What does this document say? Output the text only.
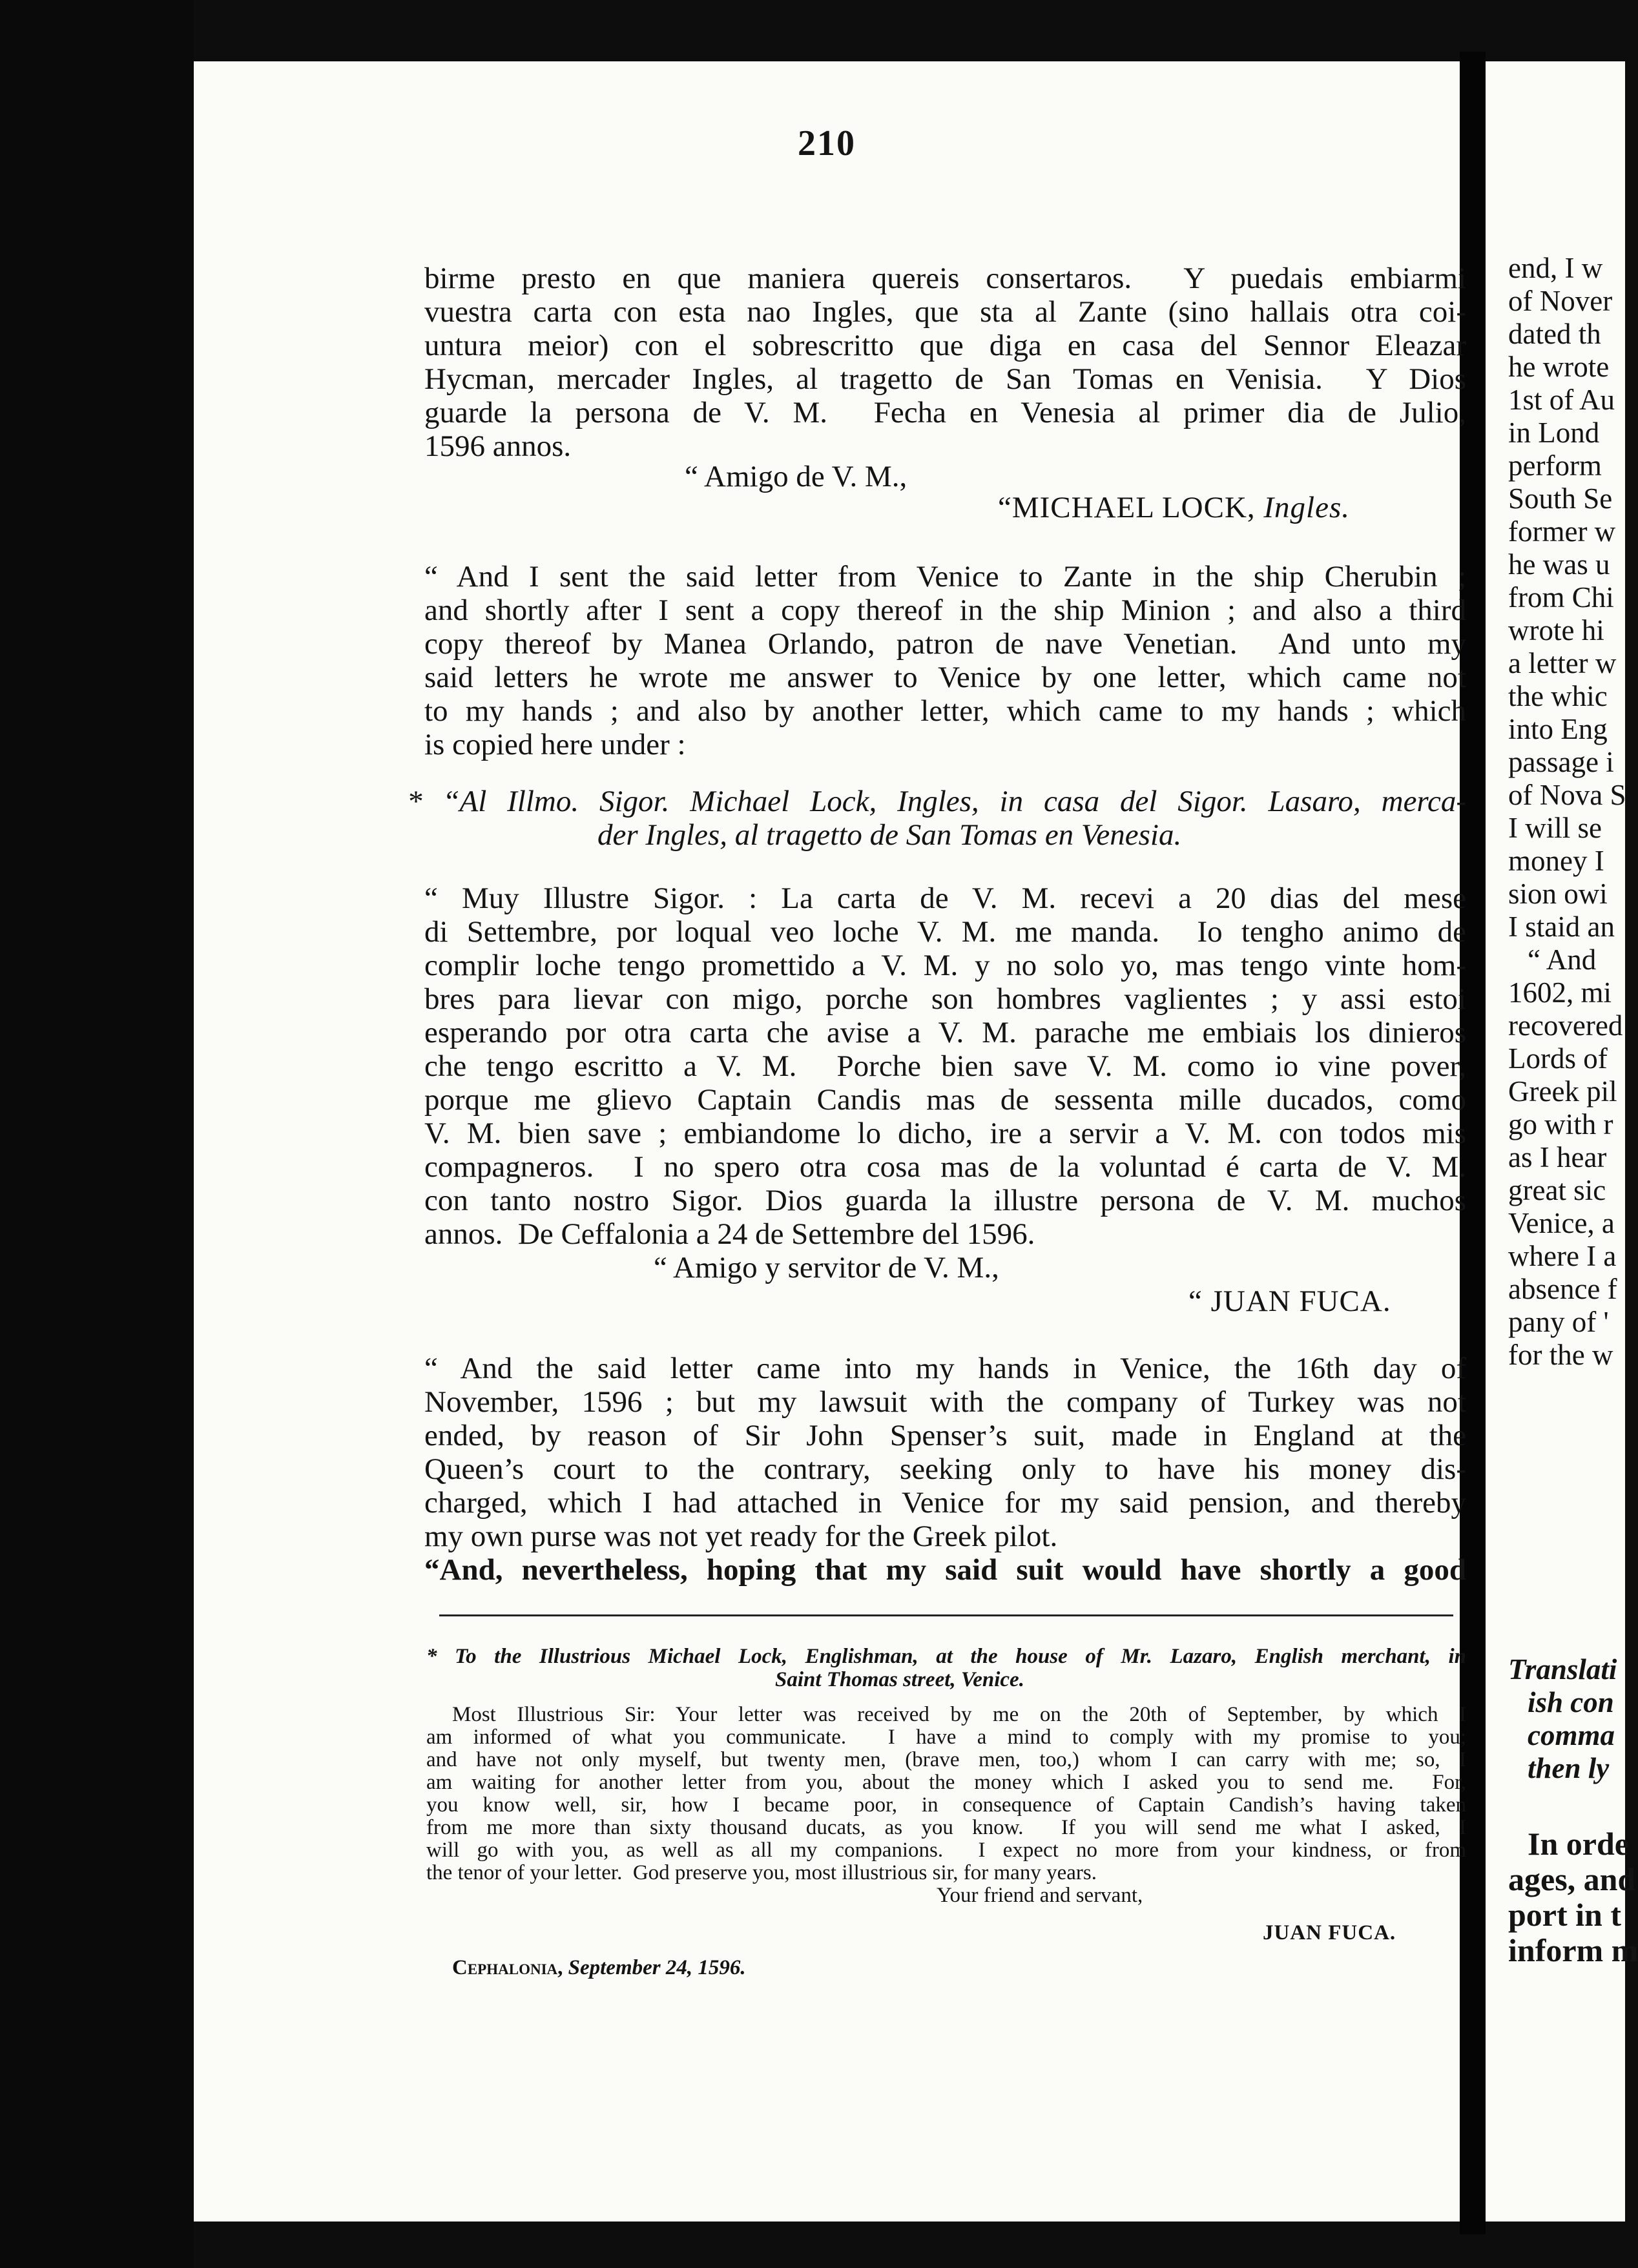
210
birme presto en que maniera quereis consertaros.  Y puedais embiarmi
vuestra carta con esta nao Ingles, que sta al Zante (sino hallais otra coi-
untura meior) con el sobrescritto que diga en casa del Sennor Eleazar
Hycman, mercader Ingles, al tragetto de San Tomas en Venisia.  Y Dios
guarde la persona de V. M.  Fecha en Venesia al primer dia de Julio,
1596 annos.
“ Amigo de V. M.,
“MICHAEL LOCK, Ingles.
“ And I sent the said letter from Venice to Zante in the ship Cherubin ;
and shortly after I sent a copy thereof in the ship Minion ; and also a third
copy thereof by Manea Orlando, patron de nave Venetian.  And unto my
said letters he wrote me answer to Venice by one letter, which came not
to my hands ; and also by another letter, which came to my hands ; which
is copied here under :
* “Al Illmo. Sigor. Michael Lock, Ingles, in casa del Sigor. Lasaro, merca-
der Ingles, al tragetto de San Tomas en Venesia.
“ Muy Illustre Sigor. : La carta de V. M. recevi a 20 dias del mese
di Settembre, por loqual veo loche V. M. me manda.  Io tengho animo de
complir loche tengo promettido a V. M. y no solo yo, mas tengo vinte hom-
bres para lievar con migo, porche son hombres vaglientes ; y assi estoi
esperando por otra carta che avise a V. M. parache me embiais los dinieros
che tengo escritto a V. M.  Porche bien save V. M. como io vine pover,
porque me glievo Captain Candis mas de sessenta mille ducados, como
V. M. bien save ; embiandome lo dicho, ire a servir a V. M. con todos mis
compagneros.  I no spero otra cosa mas de la voluntad é carta de V. M.
con tanto nostro Sigor. Dios guarda la illustre persona de V. M. muchos
annos.  De Ceffalonia a 24 de Settembre del 1596.
“ Amigo y servitor de V. M.,
“ JUAN FUCA.
“ And the said letter came into my hands in Venice, the 16th day of
November, 1596 ; but my lawsuit with the company of Turkey was not
ended, by reason of Sir John Spenser’s suit, made in England at the
Queen’s court to the contrary, seeking only to have his money dis-
charged, which I had attached in Venice for my said pension, and thereby
my own purse was not yet ready for the Greek pilot.
“And, nevertheless, hoping that my said suit would have shortly a good
* To the Illustrious Michael Lock, Englishman, at the house of Mr. Lazaro, English merchant, in
Saint Thomas street, Venice.
Most Illustrious Sir: Your letter was received by me on the 20th of September, by which I
am informed of what you communicate.  I have a mind to comply with my promise to you;
and have not only myself, but twenty men, (brave men, too,) whom I can carry with me; so, I
am waiting for another letter from you, about the money which I asked you to send me.  For,
you know well, sir, how I became poor, in consequence of Captain Candish’s having taken
from me more than sixty thousand ducats, as you know.  If you will send me what I asked, I
will go with you, as well as all my companions.  I expect no more from your kindness, or from
the tenor of your letter.  God preserve you, most illustrious sir, for many years.
Your friend and servant,
JUAN FUCA.
Cephalonia, September 24, 1596.
end, I w
of Nover
dated th
he wrote
1st of Au
in Lond
perform
South Se
former w
he was u
from Chi
wrote hi
a letter w
the whic
into Eng
passage i
of Nova S
I will se
money I
sion owi
I staid an
“ And
1602, mi
recovered
Lords of
Greek pil
go with r
as I hear
great sic
Venice, a
where I a
absence f
pany of '
for the w
Translati
ish con
comma
then ly
In orde
ages, and
port in t
inform m
